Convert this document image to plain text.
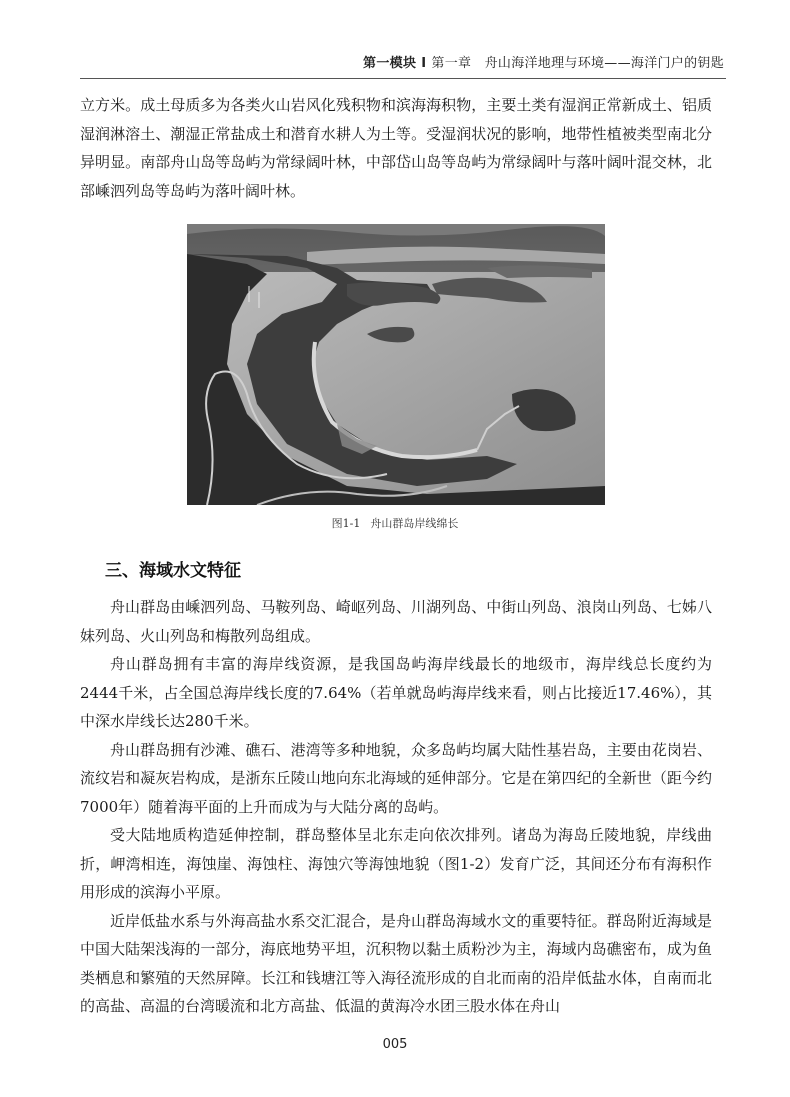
第一模块 I 第一章　舟山海洋地理与环境——海洋门户的钥匙

立方米。成土母质多为各类火山岩风化残积物和滨海海积物，主要土类有湿润正常新成土、铝质湿润淋溶土、潮湿正常盐成土和潜育水耕人为土等。受湿润状况的影响，地带性植被类型南北分异明显。南部舟山岛等岛屿为常绿阔叶林，中部岱山岛等岛屿为常绿阔叶与落叶阔叶混交林，北部嵊泗列岛等岛屿为落叶阔叶林。

图1-1 舟山群岛岸线绵长
三、海域水文特征

舟山群岛由嵊泗列岛、马鞍列岛、崎岖列岛、川湖列岛、中街山列岛、浪岗山列岛、七姊八妹列岛、火山列岛和梅散列岛组成。

舟山群岛拥有丰富的海岸线资源，是我国岛屿海岸线最长的地级市，海岸线总长度约为2444千米，占全国总海岸线长度的7.64%（若单就岛屿海岸线来看，则占比接近17.46%），其中深水岸线长达280千米。

舟山群岛拥有沙滩、礁石、港湾等多种地貌，众多岛屿均属大陆性基岩岛，主要由花岗岩、流纹岩和凝灰岩构成，是浙东丘陵山地向东北海域的延伸部分。它是在第四纪的全新世（距今约7000年）随着海平面的上升而成为与大陆分离的岛屿。

受大陆地质构造延伸控制，群岛整体呈北东走向依次排列。诸岛为海岛丘陵地貌，岸线曲折，岬湾相连，海蚀崖、海蚀柱、海蚀穴等海蚀地貌（图1-2）发育广泛，其间还分布有海积作用形成的滨海小平原。

近岸低盐水系与外海高盐水系交汇混合，是舟山群岛海域水文的重要特征。群岛附近海域是中国大陆架浅海的一部分，海底地势平坦，沉积物以黏土质粉沙为主，海域内岛礁密布，成为鱼类栖息和繁殖的天然屏障。长江和钱塘江等入海径流形成的自北而南的沿岸低盐水体，自南而北的高盐、高温的台湾暖流和北方高盐、低温的黄海冷水团三股水体在舟山

005
